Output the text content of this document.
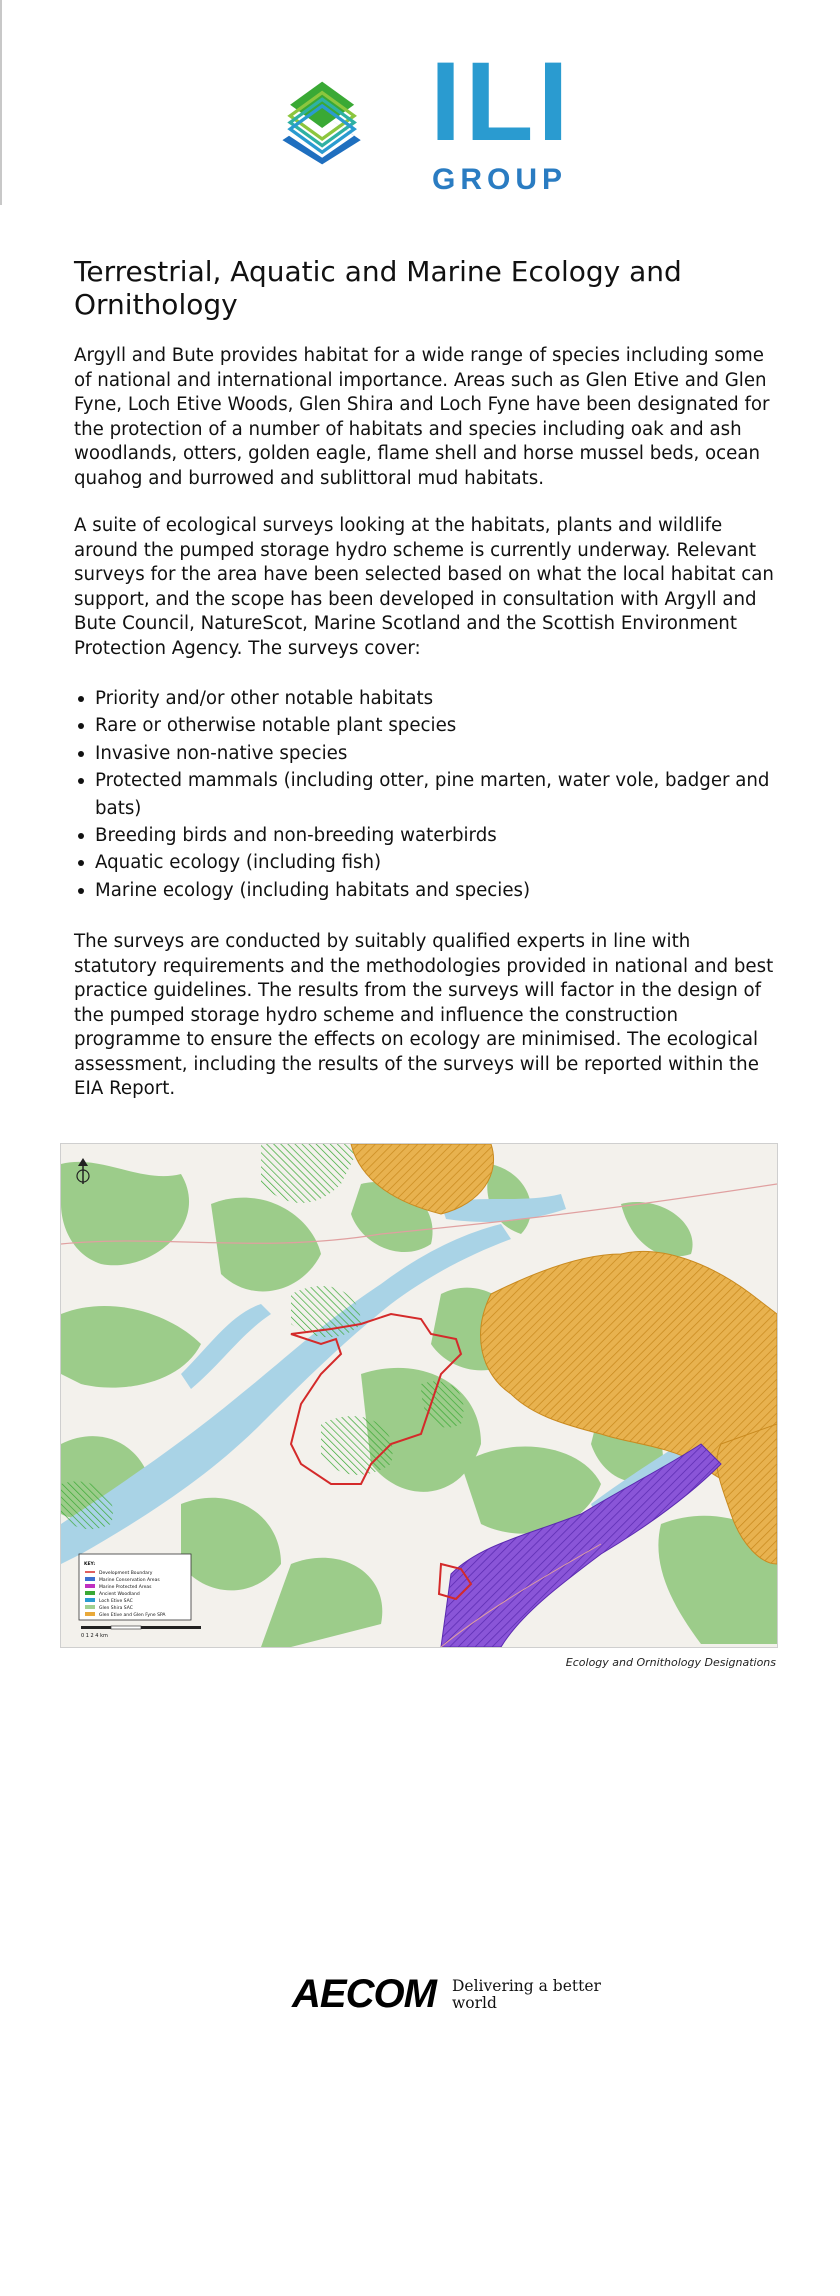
ILI
GROUP
Terrestrial, Aquatic and Marine Ecology and Ornithology

Argyll and Bute provides habitat for a wide range of species including some of national and international importance. Areas such as Glen Etive and Glen Fyne, Loch Etive Woods, Glen Shira and Loch Fyne have been designated for the protection of a number of habitats and species including oak and ash woodlands, otters, golden eagle, flame shell and horse mussel beds, ocean quahog and burrowed and sublittoral mud habitats.

A suite of ecological surveys looking at the habitats, plants and wildlife around the pumped storage hydro scheme is currently underway. Relevant surveys for the area have been selected based on what the local habitat can support, and the scope has been developed in consultation with Argyll and Bute Council, NatureScot, Marine Scotland and the Scottish Environment Protection Agency. The surveys cover:

Priority and/or other notable habitats
Rare or otherwise notable plant species
Invasive non-native species
Protected mammals (including otter, pine marten, water vole, badger and bats)
Breeding birds and non-breeding waterbirds
Aquatic ecology (including fish)
Marine ecology (including habitats and species)

The surveys are conducted by suitably qualified experts in line with statutory requirements and the methodologies provided in national and best practice guidelines. The results from the surveys will factor in the design of the pumped storage hydro scheme and influence the construction programme to ensure the effects on ecology are minimised. The ecological assessment, including the results of the surveys will be reported within the EIA Report.

KEY:
Development Boundary
Marine Conservation Areas
Marine Protected Areas
Ancient Woodland
Loch Etive SAC
Glen Shira SAC
Glen Etive and Glen Fyne SPA
0 1 2 4 km
Ecology and Ornithology Designations
AECOM Delivering a better world
